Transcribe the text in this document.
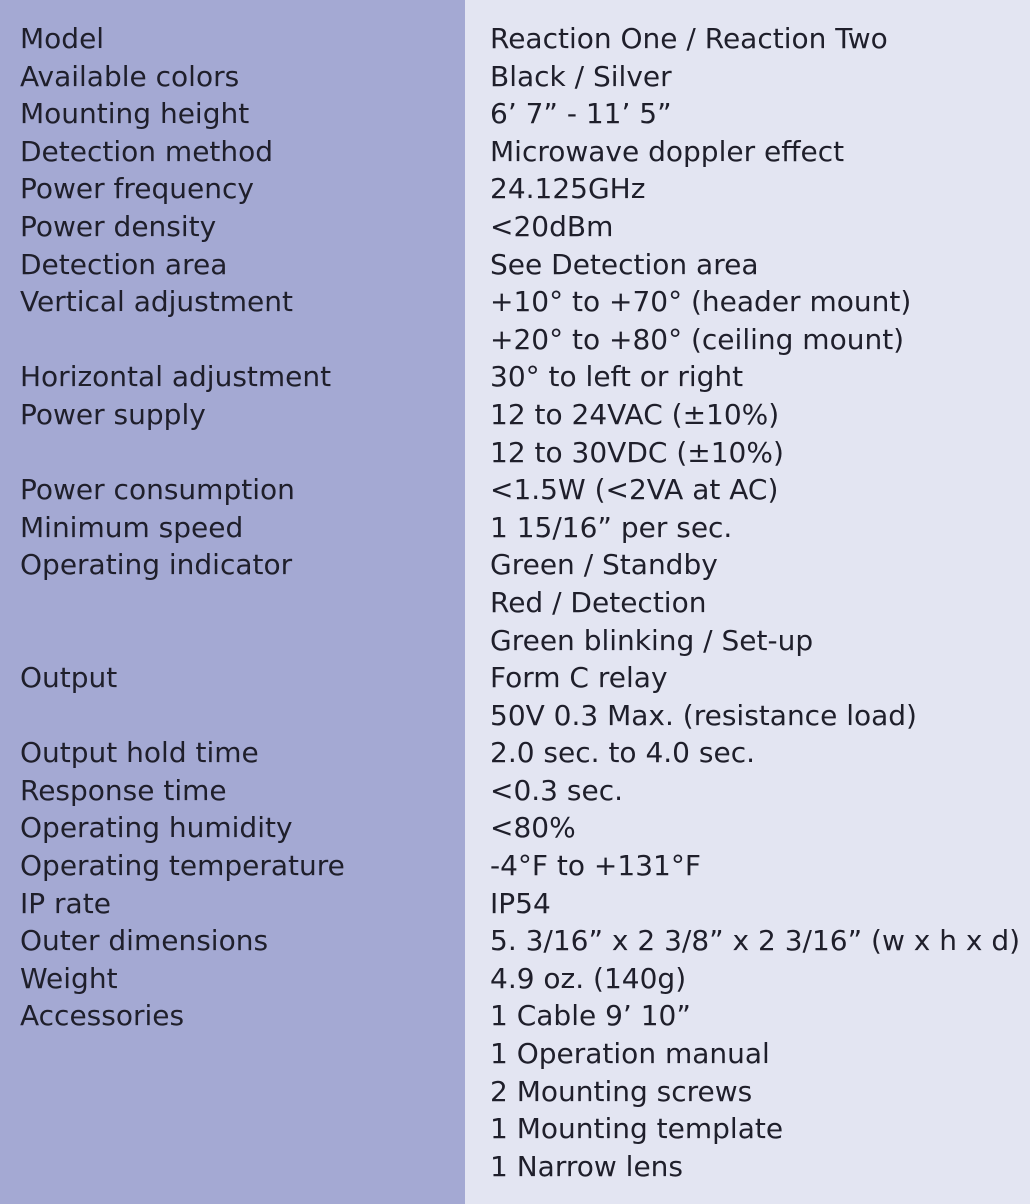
Model	Reaction One / Reaction Two
Available colors	Black / Silver
Mounting height	6’ 7” - 11’ 5”
Detection method	Microwave doppler effect
Power frequency	24.125GHz
Power density	<20dBm
Detection area	See Detection area
Vertical adjustment	+10° to +70° (header mount)
+20° to +80° (ceiling mount)
Horizontal adjustment	30° to left or right
Power supply	12 to 24VAC (±10%)
12 to 30VDC (±10%)
Power consumption	<1.5W (<2VA at AC)
Minimum speed	1 15/16” per sec.
Operating indicator	Green / Standby
Red / Detection
Green blinking / Set-up
Output	Form C relay
50V 0.3 Max. (resistance load)
Output hold time	2.0 sec. to 4.0 sec.
Response time	<0.3 sec.
Operating humidity	<80%
Operating temperature	-4°F to +131°F
IP rate	IP54
Outer dimensions	5. 3/16” x 2 3/8” x 2 3/16” (w x h x d)
Weight	4.9 oz. (140g)
Accessories	1 Cable 9’ 10”
1 Operation manual
2 Mounting screws
1 Mounting template
1 Narrow lens
